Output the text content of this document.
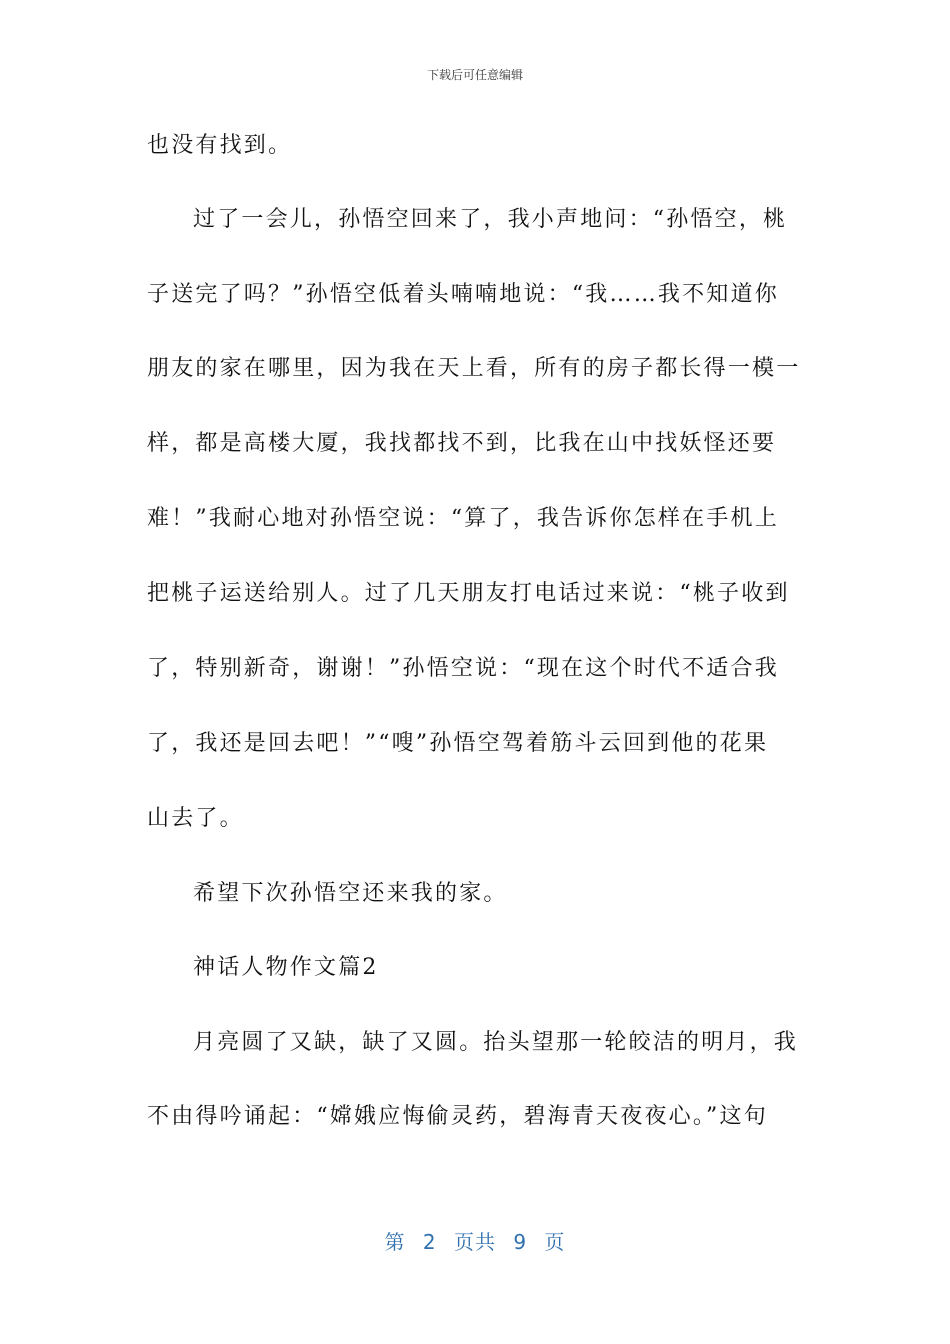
下载后可任意编辑
也没有找到。
过了一会儿，孙悟空回来了，我小声地问：“孙悟空，桃
子送完了吗？”孙悟空低着头喃喃地说：“我……我不知道你
朋友的家在哪里，因为我在天上看，所有的房子都长得一模一
样，都是高楼大厦，我找都找不到，比我在山中找妖怪还要
难！”我耐心地对孙悟空说：“算了，我告诉你怎样在手机上
把桃子运送给别人。过了几天朋友打电话过来说：“桃子收到
了，特别新奇，谢谢！”孙悟空说：“现在这个时代不适合我
了，我还是回去吧！”“嗖”孙悟空驾着筋斗云回到他的花果
山去了。
希望下次孙悟空还来我的家。
神话人物作文篇2
月亮圆了又缺，缺了又圆。抬头望那一轮皎洁的明月，我
不由得吟诵起：“嫦娥应悔偷灵药，碧海青天夜夜心。”这句
第 2 页共 9 页
